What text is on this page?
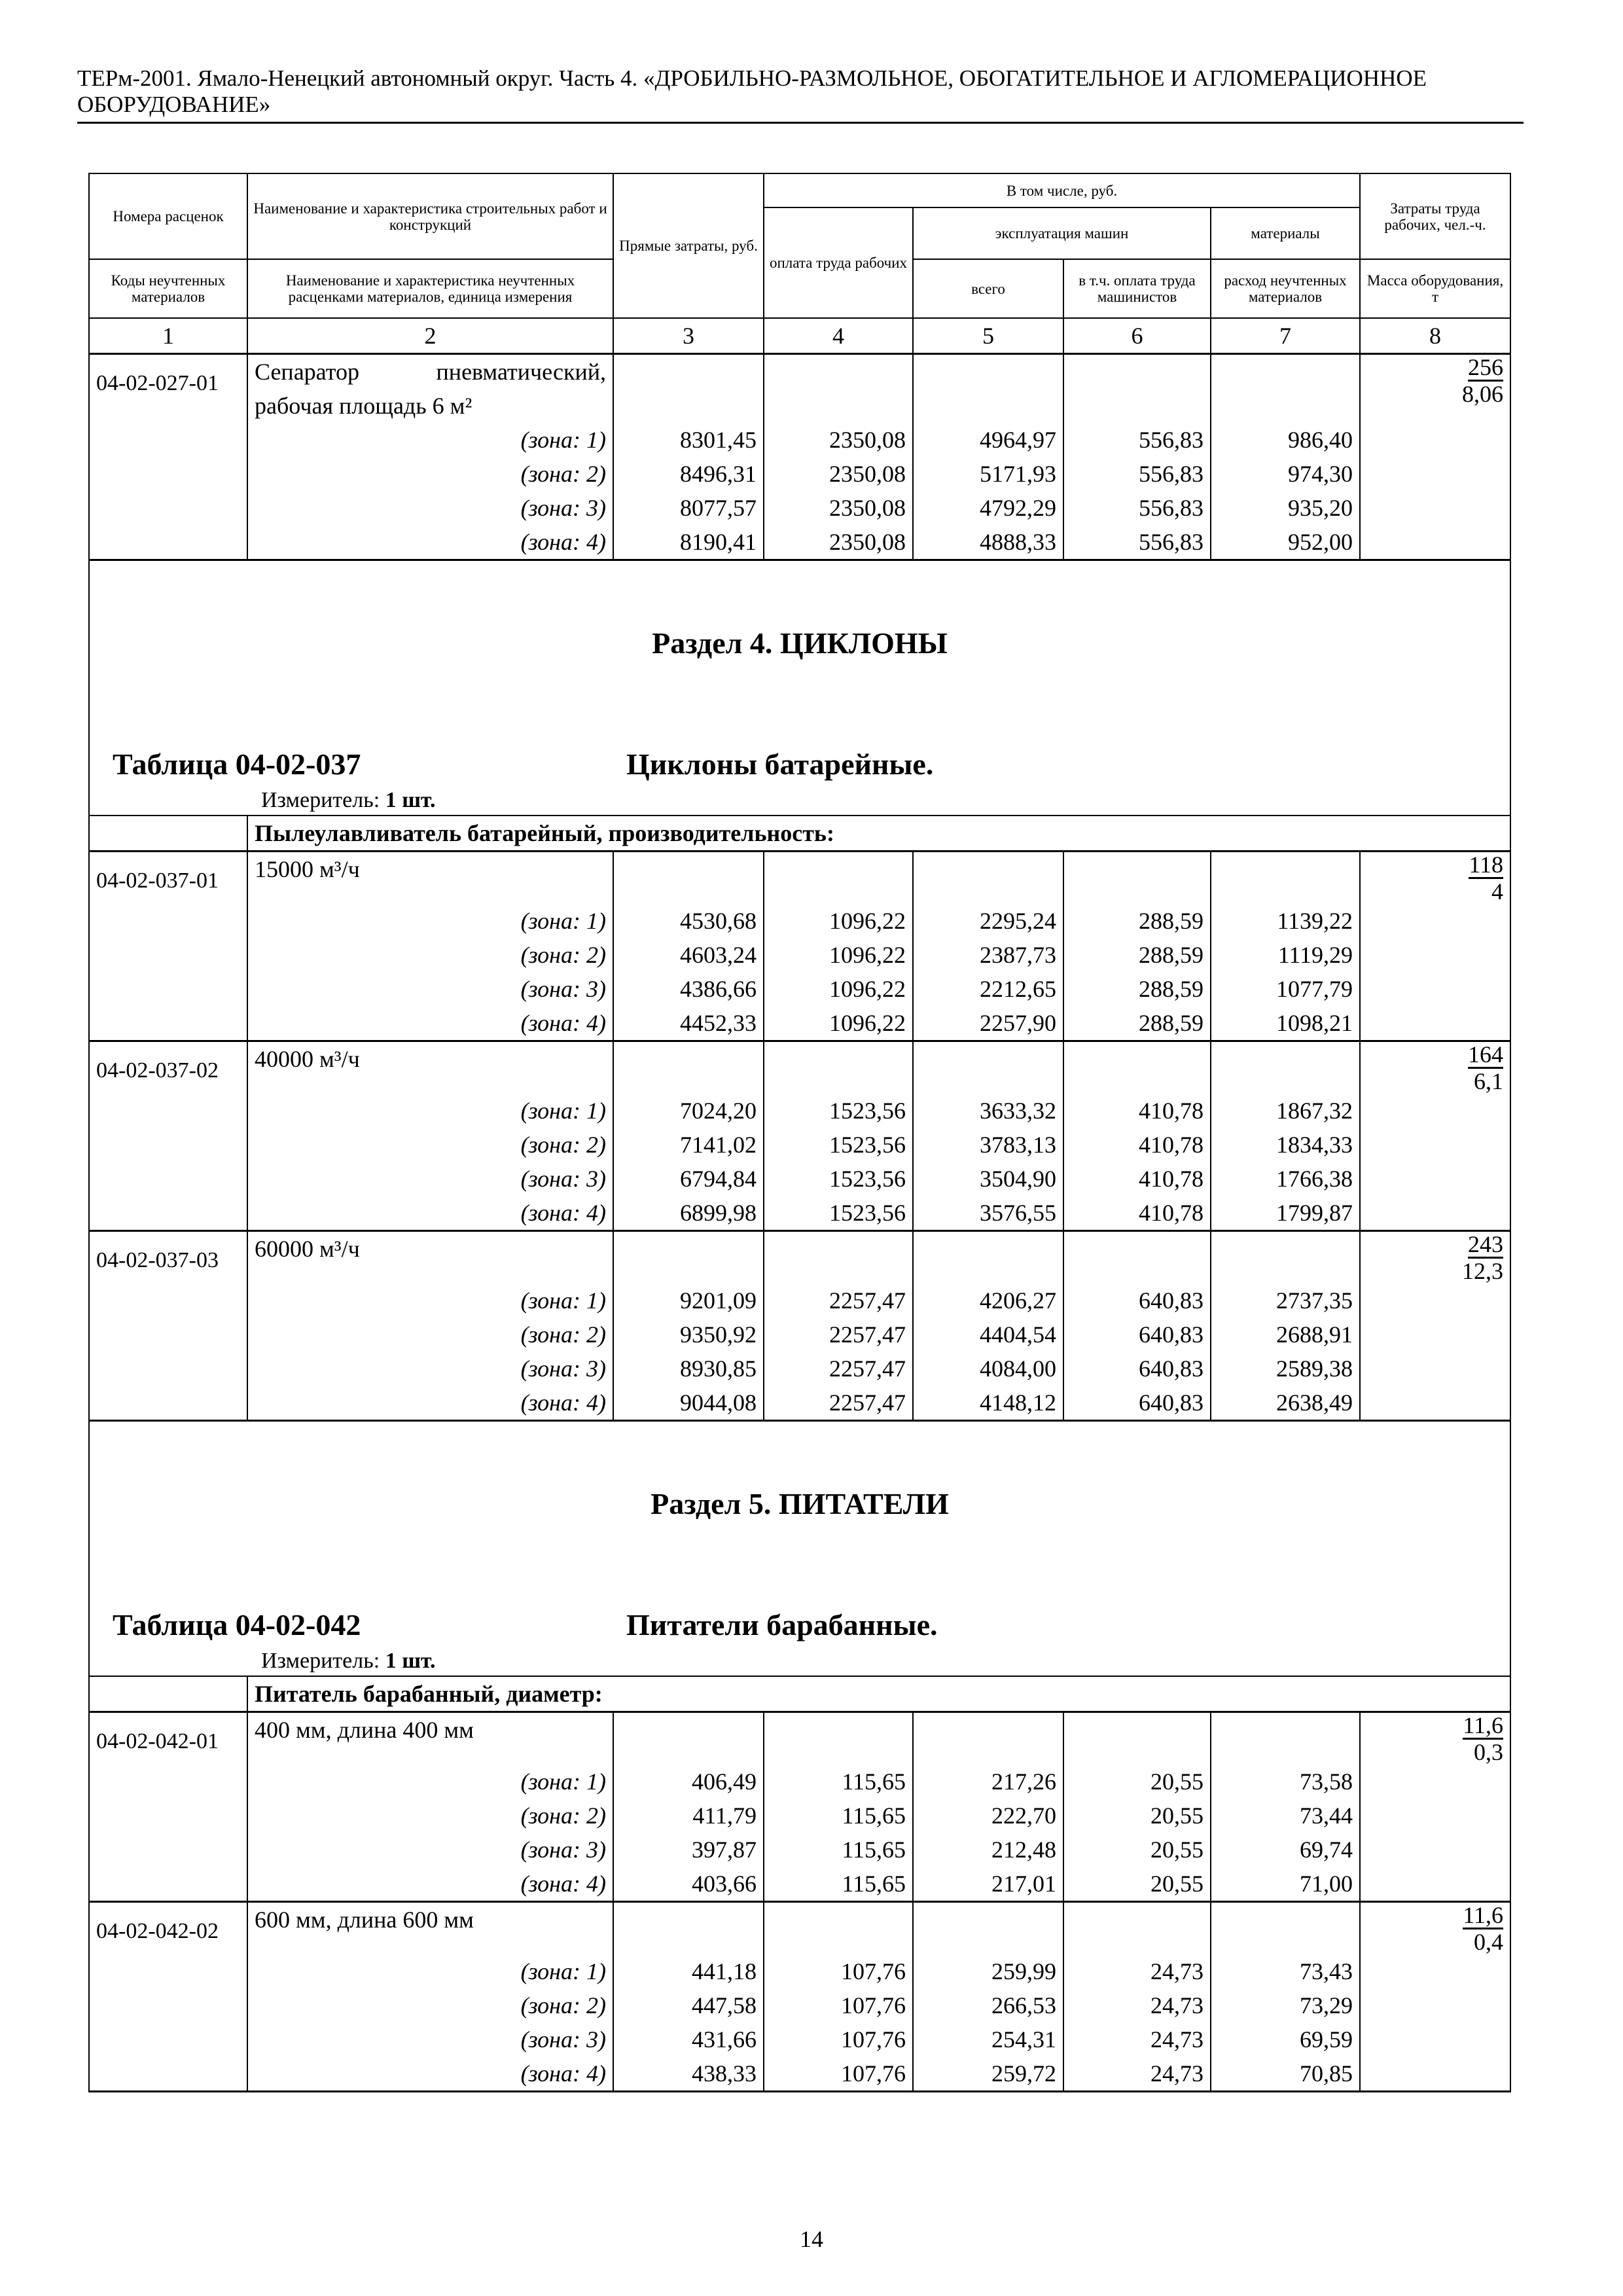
ТЕРм-2001. Ямало-Ненецкий автономный округ. Часть 4. «ДРОБИЛЬНО-РАЗМОЛЬНОЕ, ОБОГАТИТЕЛЬНОЕ И АГЛОМЕРАЦИОННОЕ ОБОРУДОВАНИЕ»
Номера расценок	Наименование и характеристика строительных работ и конструкций	Прямые затраты, руб.	В том числе, руб.				Затраты труда рабочих, чел.-ч.
			оплата труда рабочих	эксплуатация машин		материалы	
Коды неучтенных материалов	Наименование и характеристика неучтенных расценками материалов, единица измерения			всего	в т.ч. оплата труда машинистов	расход неучтенных материалов	Масса оборудования, т
1	2	3	4	5	6	7	8
04-02-027-01	Сепаратор пневматический, рабочая площадь 6 м²						256
8,06
	(зона: 1)	8301,45	2350,08	4964,97	556,83	986,40	
	(зона: 2)	8496,31	2350,08	5171,93	556,83	974,30	
	(зона: 3)	8077,57	2350,08	4792,29	556,83	935,20	
	(зона: 4)	8190,41	2350,08	4888,33	556,83	952,00	

Раздел 4. ЦИКЛОНЫ
Таблица 04-02-037 Циклоны батарейные.
Измеритель: 1 шт.							

	Пылеулавливатель батарейный, производительность:						
04-02-037-01	15000 м³/ч						118
4
	(зона: 1)	4530,68	1096,22	2295,24	288,59	1139,22	
	(зона: 2)	4603,24	1096,22	2387,73	288,59	1119,29	
	(зона: 3)	4386,66	1096,22	2212,65	288,59	1077,79	
	(зона: 4)	4452,33	1096,22	2257,90	288,59	1098,21	
04-02-037-02	40000 м³/ч						164
6,1
	(зона: 1)	7024,20	1523,56	3633,32	410,78	1867,32	
	(зона: 2)	7141,02	1523,56	3783,13	410,78	1834,33	
	(зона: 3)	6794,84	1523,56	3504,90	410,78	1766,38	
	(зона: 4)	6899,98	1523,56	3576,55	410,78	1799,87	
04-02-037-03	60000 м³/ч						243
12,3
	(зона: 1)	9201,09	2257,47	4206,27	640,83	2737,35	
	(зона: 2)	9350,92	2257,47	4404,54	640,83	2688,91	
	(зона: 3)	8930,85	2257,47	4084,00	640,83	2589,38	
	(зона: 4)	9044,08	2257,47	4148,12	640,83	2638,49	

Раздел 5. ПИТАТЕЛИ
Таблица 04-02-042 Питатели барабанные.
Измеритель: 1 шт.							

	Питатель барабанный, диаметр:						
04-02-042-01	400 мм, длина 400 мм						11,6
0,3
	(зона: 1)	406,49	115,65	217,26	20,55	73,58	
	(зона: 2)	411,79	115,65	222,70	20,55	73,44	
	(зона: 3)	397,87	115,65	212,48	20,55	69,74	
	(зона: 4)	403,66	115,65	217,01	20,55	71,00	
04-02-042-02	600 мм, длина 600 мм						11,6
0,4
	(зона: 1)	441,18	107,76	259,99	24,73	73,43	
	(зона: 2)	447,58	107,76	266,53	24,73	73,29	
	(зона: 3)	431,66	107,76	254,31	24,73	69,59	
	(зона: 4)	438,33	107,76	259,72	24,73	70,85	
14
